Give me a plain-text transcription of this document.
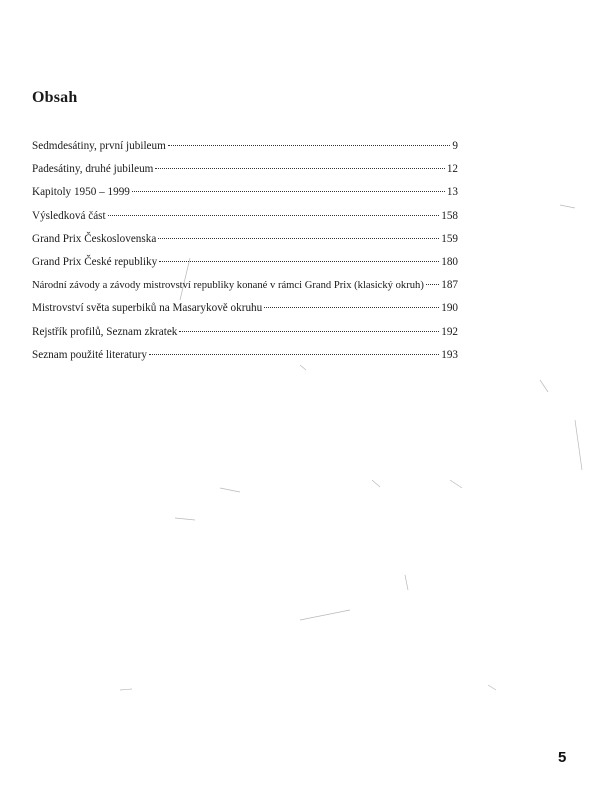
Obsah
Sedmdesátiny, první jubileum	9
Padesátiny, druhé jubileum	12
Kapitoly 1950 – 1999	13
Výsledková část	158
Grand Prix Československa	159
Grand Prix České republiky	180
Národní závody a závody mistrovství republiky konané v rámci Grand Prix (klasický okruh) 187
Mistrovství světa superbiků na Masarykově okruhu	190
Rejstřík profilů, Seznam zkratek	192
Seznam použité literatury	193
5
